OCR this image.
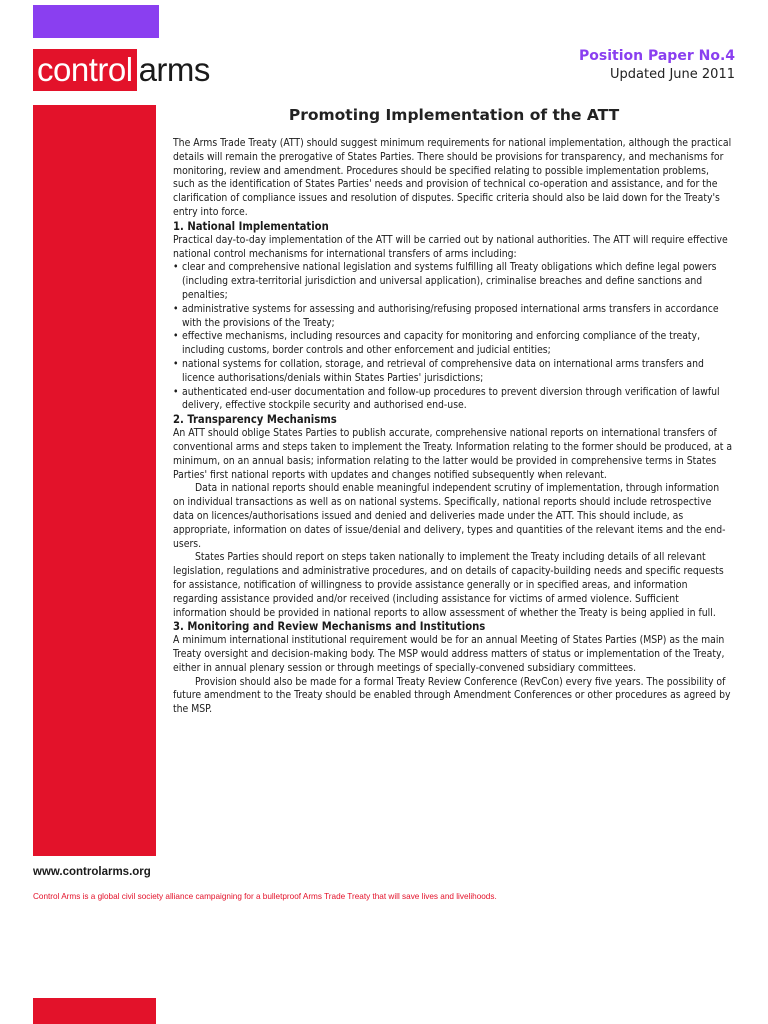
control arms	Position Paper No.4
Updated June 2011
Promoting Implementation of the ATT

The Arms Trade Treaty (ATT) should suggest minimum requirements for national implementation, although the practical details will remain the prerogative of States Parties. There should be provisions for transparency, and mechanisms for monitoring, review and amendment. Procedures should be specified relating to possible implementation problems, such as the identification of States Parties' needs and provision of technical co-operation and assistance, and for the clarification of compliance issues and resolution of disputes. Specific criteria should also be laid down for the Treaty's entry into force.

1. National Implementation

Practical day-to-day implementation of the ATT will be carried out by national authorities. The ATT will require effective national control mechanisms for international transfers of arms including:

• clear and comprehensive national legislation and systems fulfilling all Treaty obligations which define legal powers (including extra-territorial jurisdiction and universal application), criminalise breaches and define sanctions and penalties;
• administrative systems for assessing and authorising/refusing proposed international arms transfers in accordance with the provisions of the Treaty;
• effective mechanisms, including resources and capacity for monitoring and enforcing compliance of the treaty, including customs, border controls and other enforcement and judicial entities;
• national systems for collation, storage, and retrieval of comprehensive data on international arms transfers and licence authorisations/denials within States Parties' jurisdictions;
• authenticated end-user documentation and follow-up procedures to prevent diversion through verification of lawful delivery, effective stockpile security and authorised end-use.

2. Transparency Mechanisms

An ATT should oblige States Parties to publish accurate, comprehensive national reports on international transfers of conventional arms and steps taken to implement the Treaty. Information relating to the former should be produced, at a minimum, on an annual basis; information relating to the latter would be provided in comprehensive terms in States Parties' first national reports with updates and changes notified subsequently when relevant.

Data in national reports should enable meaningful independent scrutiny of implementation, through information on individual transactions as well as on national systems. Specifically, national reports should include retrospective data on licences/authorisations issued and denied and deliveries made under the ATT. This should include, as appropriate, information on dates of issue/denial and delivery, types and quantities of the relevant items and the end-users.

States Parties should report on steps taken nationally to implement the Treaty including details of all relevant legislation, regulations and administrative procedures, and on details of capacity-building needs and specific requests for assistance, notification of willingness to provide assistance generally or in specified areas, and information regarding assistance provided and/or received (including assistance for victims of armed violence. Sufficient information should be provided in national reports to allow assessment of whether the Treaty is being applied in full.

3. Monitoring and Review Mechanisms and Institutions

A minimum international institutional requirement would be for an annual Meeting of States Parties (MSP) as the main Treaty oversight and decision-making body. The MSP would address matters of status or implementation of the Treaty, either in annual plenary session or through meetings of specially-convened subsidiary committees.

Provision should also be made for a formal Treaty Review Conference (RevCon) every five years. The possibility of future amendment to the Treaty should be enabled through Amendment Conferences or other procedures as agreed by the MSP.

www.controlarms.org
Control Arms is a global civil society alliance campaigning for a bulletproof Arms Trade Treaty that will save lives and livelihoods.
